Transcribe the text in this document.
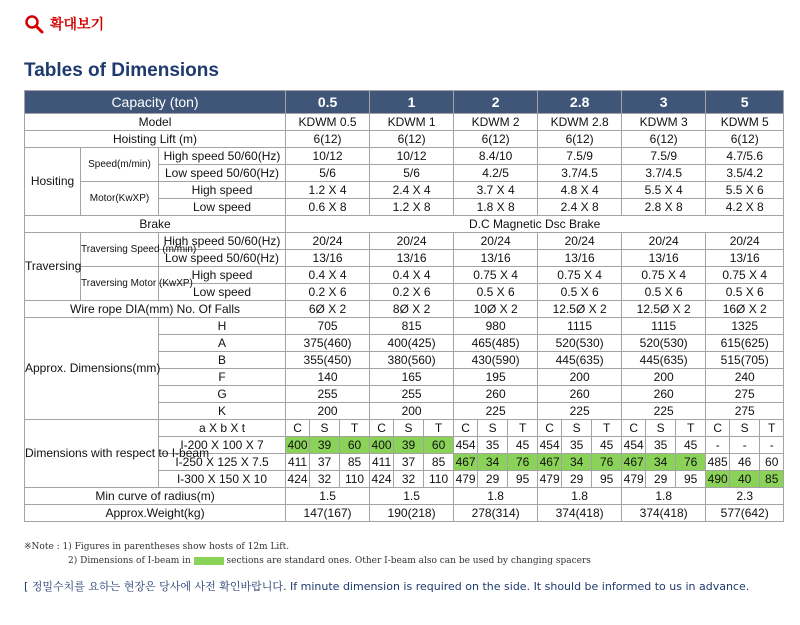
확대보기
Tables of Dimensions
Capacity (ton)			0.5			1			2			2.8			3			5		
Model			KDWM 0.5			KDWM 1			KDWM 2			KDWM 2.8			KDWM 3			KDWM 5		
Hoisting Lift (m)			6(12)			6(12)			6(12)			6(12)			6(12)			6(12)		
Hositing	Speed(m/min)	High speed 50/60(Hz)	10/12			10/12			8.4/10			7.5/9			7.5/9			4.7/5.6		
		Low speed 50/60(Hz)	5/6			5/6			4.2/5			3.7/4.5			3.7/4.5			3.5/4.2		
	Motor(KwXP)	High speed	1.2 X 4			2.4 X 4			3.7 X 4			4.8 X 4			5.5 X 4			5.5 X 6		
		Low speed	0.6 X 8			1.2 X 8			1.8 X 8			2.4 X 8			2.8 X 8			4.2 X 8		
Brake			D.C Magnetic Dsc Brake																	
Traversing	Traversing Speed (m/min)	High speed 50/60(Hz)	20/24			20/24			20/24			20/24			20/24			20/24		
		Low speed 50/60(Hz)	13/16			13/16			13/16			13/16			13/16			13/16		
	Traversing Motor (KwXP)	High speed	0.4 X 4			0.4 X 4			0.75 X 4			0.75 X 4			0.75 X 4			0.75 X 4		
		Low speed	0.2 X 6			0.2 X 6			0.5 X 6			0.5 X 6			0.5 X 6			0.5 X 6		
Wire rope DIA(mm) No. Of Falls			6Ø X 2			8Ø X 2			10Ø X 2			12.5Ø X 2			12.5Ø X 2			16Ø X 2		
Approx. Dimensions(mm)		H	705			815			980			1115			1115			1325		
		A	375(460)			400(425)			465(485)			520(530)			520(530)			615(625)		
		B	355(450)			380(560)			430(590)			445(635)			445(635)			515(705)		
		F	140			165			195			200			200			240		
		G	255			255			260			260			260			275		
		K	200			200			225			225			225			275		
Dimensions with respect to I-beam		a X b X t	C	S	T	C	S	T	C	S	T	C	S	T	C	S	T	C	S	T
		I-200 X 100 X 7	400	39	60	400	39	60	454	35	45	454	35	45	454	35	45	-	-	-
		I-250 X 125 X 7.5	411	37	85	411	37	85	467	34	76	467	34	76	467	34	76	485	46	60
		I-300 X 150 X 10	424	32	110	424	32	110	479	29	95	479	29	95	479	29	95	490	40	85
Min curve of radius(m)			1.5			1.5			1.8			1.8			1.8			2.3		
Approx.Weight(kg)			147(167)			190(218)			278(314)			374(418)			374(418)			577(642)		
※Note : 1) Figures in parentheses show hosts of 12m Lift.
2) Dimensions of I-beam in	sections are standard ones. Other I-beam also can be used by changing spacers
[ 정밀수치를 요하는 현장은 당사에 사전 확인바랍니다. If minute dimension is required on the side. It should be informed to us in advance.
